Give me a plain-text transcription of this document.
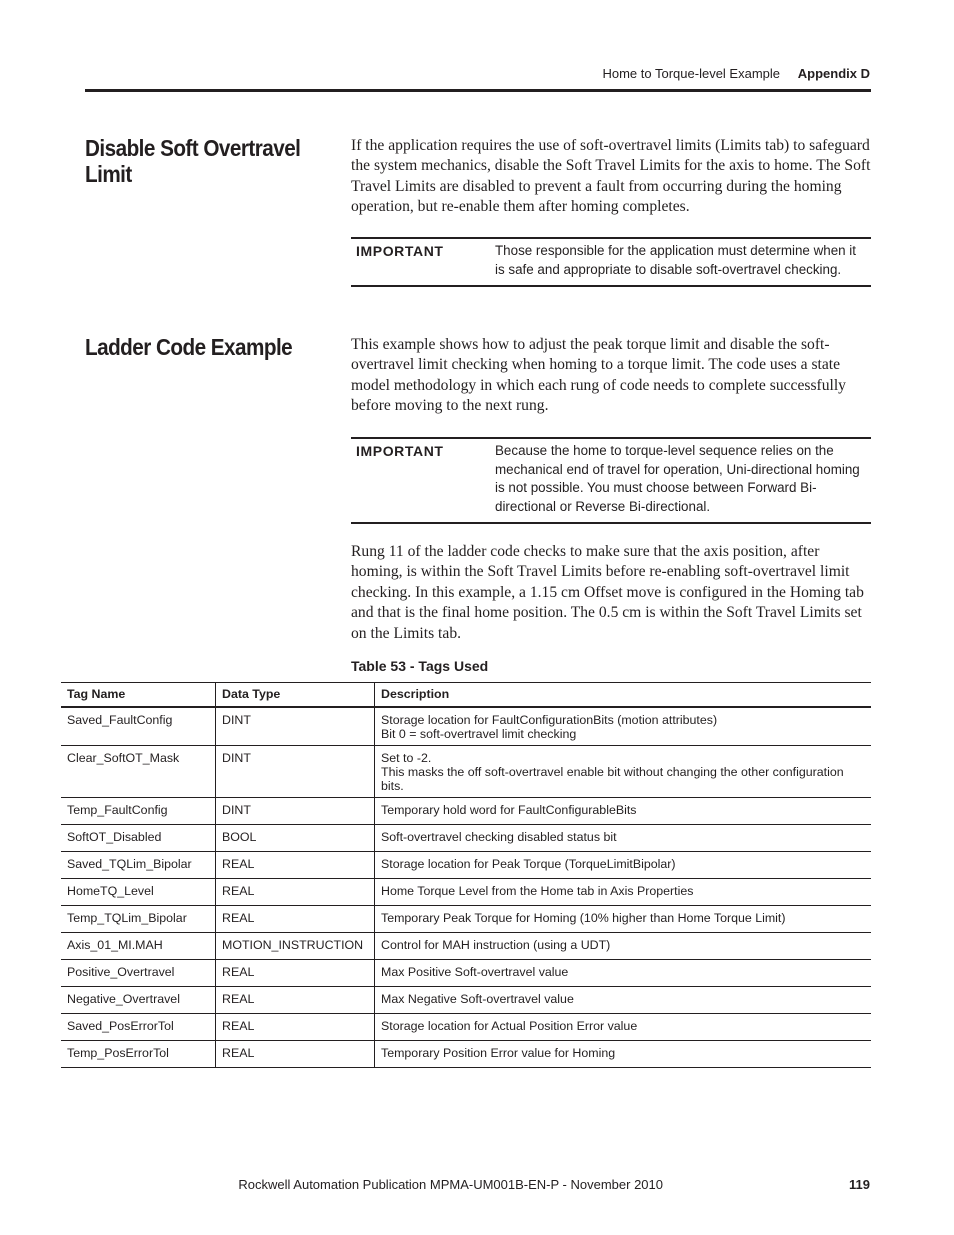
Home to Torque-level Example Appendix D
Disable Soft Overtravel Limit

If the application requires the use of soft-overtravel limits (Limits tab) to safeguard the system mechanics, disable the Soft Travel Limits for the axis to home. The Soft Travel Limits are disabled to prevent a fault from occurring during the homing operation, but re-enable them after homing completes.

IMPORTANT	Those responsible for the application must determine when it is safe and appropriate to disable soft-overtravel checking.
Ladder Code Example	This example shows how to adjust the peak torque limit and disable the soft-overtravel limit checking when homing to a torque limit. The code uses a state model methodology in which each rung of code needs to complete successfully before moving to the next rung.

IMPORTANT	Because the home to torque-level sequence relies on the mechanical end of travel for operation, Uni-directional homing is not possible. You must choose between Forward Bi-directional or Reverse Bi-directional.

Rung 11 of the ladder code checks to make sure that the axis position, after homing, is within the Soft Travel Limits before re-enabling soft-overtravel limit checking. In this example, a 1.15 cm Offset move is configured in the Homing tab and that is the final home position. The 0.5 cm is within the Soft Travel Limits set on the Limits tab.

Table 53 - Tags Used
Tag Name	Data Type	Description
Saved_FaultConfig	DINT	Storage location for FaultConfigurationBits (motion attributes)
Bit 0 = soft-overtravel limit checking

Clear_SoftOT_Mask	DINT	Set to -2.
This masks the off soft-overtravel enable bit without changing the other configuration bits.

Temp_FaultConfig	DINT	Temporary hold word for FaultConfigurableBits

SoftOT_Disabled	BOOL	Soft-overtravel checking disabled status bit

Saved_TQLim_Bipolar	REAL	Storage location for Peak Torque (TorqueLimitBipolar)

HomeTQ_Level	REAL	Home Torque Level from the Home tab in Axis Properties

Temp_TQLim_Bipolar	REAL	Temporary Peak Torque for Homing (10% higher than Home Torque Limit)

Axis_01_MI.MAH	MOTION_INSTRUCTION	Control for MAH instruction (using a UDT)

Positive_Overtravel	REAL	Max Positive Soft-overtravel value

Negative_Overtravel	REAL	Max Negative Soft-overtravel value

Saved_PosErrorTol	REAL	Storage location for Actual Position Error value

Temp_PosErrorTol	REAL	Temporary Position Error value for Homing
Rockwell Automation Publication MPMA-UM001B-EN-P - November 2010	119
